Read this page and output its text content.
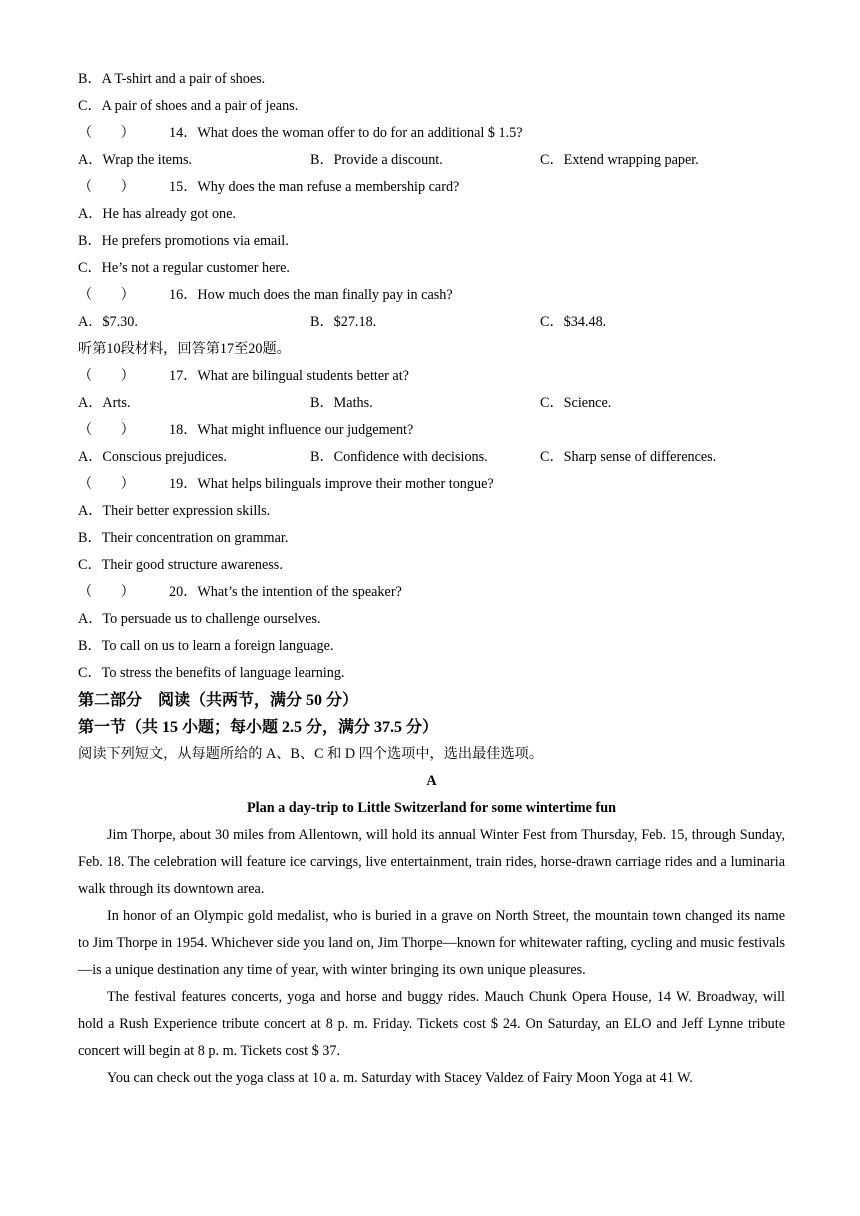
B．A T-shirt and a pair of shoes.
C．A pair of shoes and a pair of jeans.
（　　） 14．What does the woman offer to do for an additional $ 1.5?
A．Wrap the items.	B．Provide a discount.	C．Extend wrapping paper.
（　　） 15．Why does the man refuse a membership card?
A．He has already got one.
B．He prefers promotions via email.
C．He’s not a regular customer here.
（　　） 16．How much does the man finally pay in cash?
A．$7.30.	B．$27.18.	C．$34.48.
听第10段材料，回答第17至20题。
（　　） 17．What are bilingual students better at?
A．Arts.	B．Maths.	C．Science.
（　　） 18．What might influence our judgement?
A．Conscious prejudices.	B．Confidence with decisions.	C．Sharp sense of differences.
（　　） 19．What helps bilinguals improve their mother tongue?
A．Their better expression skills.
B．Their concentration on grammar.
C．Their good structure awareness.
（　　） 20．What’s the intention of the speaker?
A．To persuade us to challenge ourselves.
B．To call on us to learn a foreign language.
C．To stress the benefits of language learning.
第二部分　阅读（共两节，满分 50 分）
第一节（共 15 小题；每小题 2.5 分，满分 37.5 分）
阅读下列短文，从每题所给的 A、B、C 和 D 四个选项中，选出最佳选项。
A
Plan a day-trip to Little Switzerland for some wintertime fun
Jim Thorpe, about 30 miles from Allentown, will hold its annual Winter Fest from Thursday, Feb. 15, through Sunday, Feb. 18. The celebration will feature ice carvings, live entertainment, train rides, horse-drawn carriage rides and a luminaria walk through its downtown area.
In honor of an Olympic gold medalist, who is buried in a grave on North Street, the mountain town changed its name to Jim Thorpe in 1954. Whichever side you land on, Jim Thorpe—known for whitewater rafting, cycling and music festivals—is a unique destination any time of year, with winter bringing its own unique pleasures.
The festival features concerts, yoga and horse and buggy rides. Mauch Chunk Opera House, 14 W. Broadway, will hold a Rush Experience tribute concert at 8 p. m. Friday. Tickets cost $ 24. On Saturday, an ELO and Jeff Lynne tribute concert will begin at 8 p. m. Tickets cost $ 37.
You can check out the yoga class at 10 a. m. Saturday with Stacey Valdez of Fairy Moon Yoga at 41 W.
